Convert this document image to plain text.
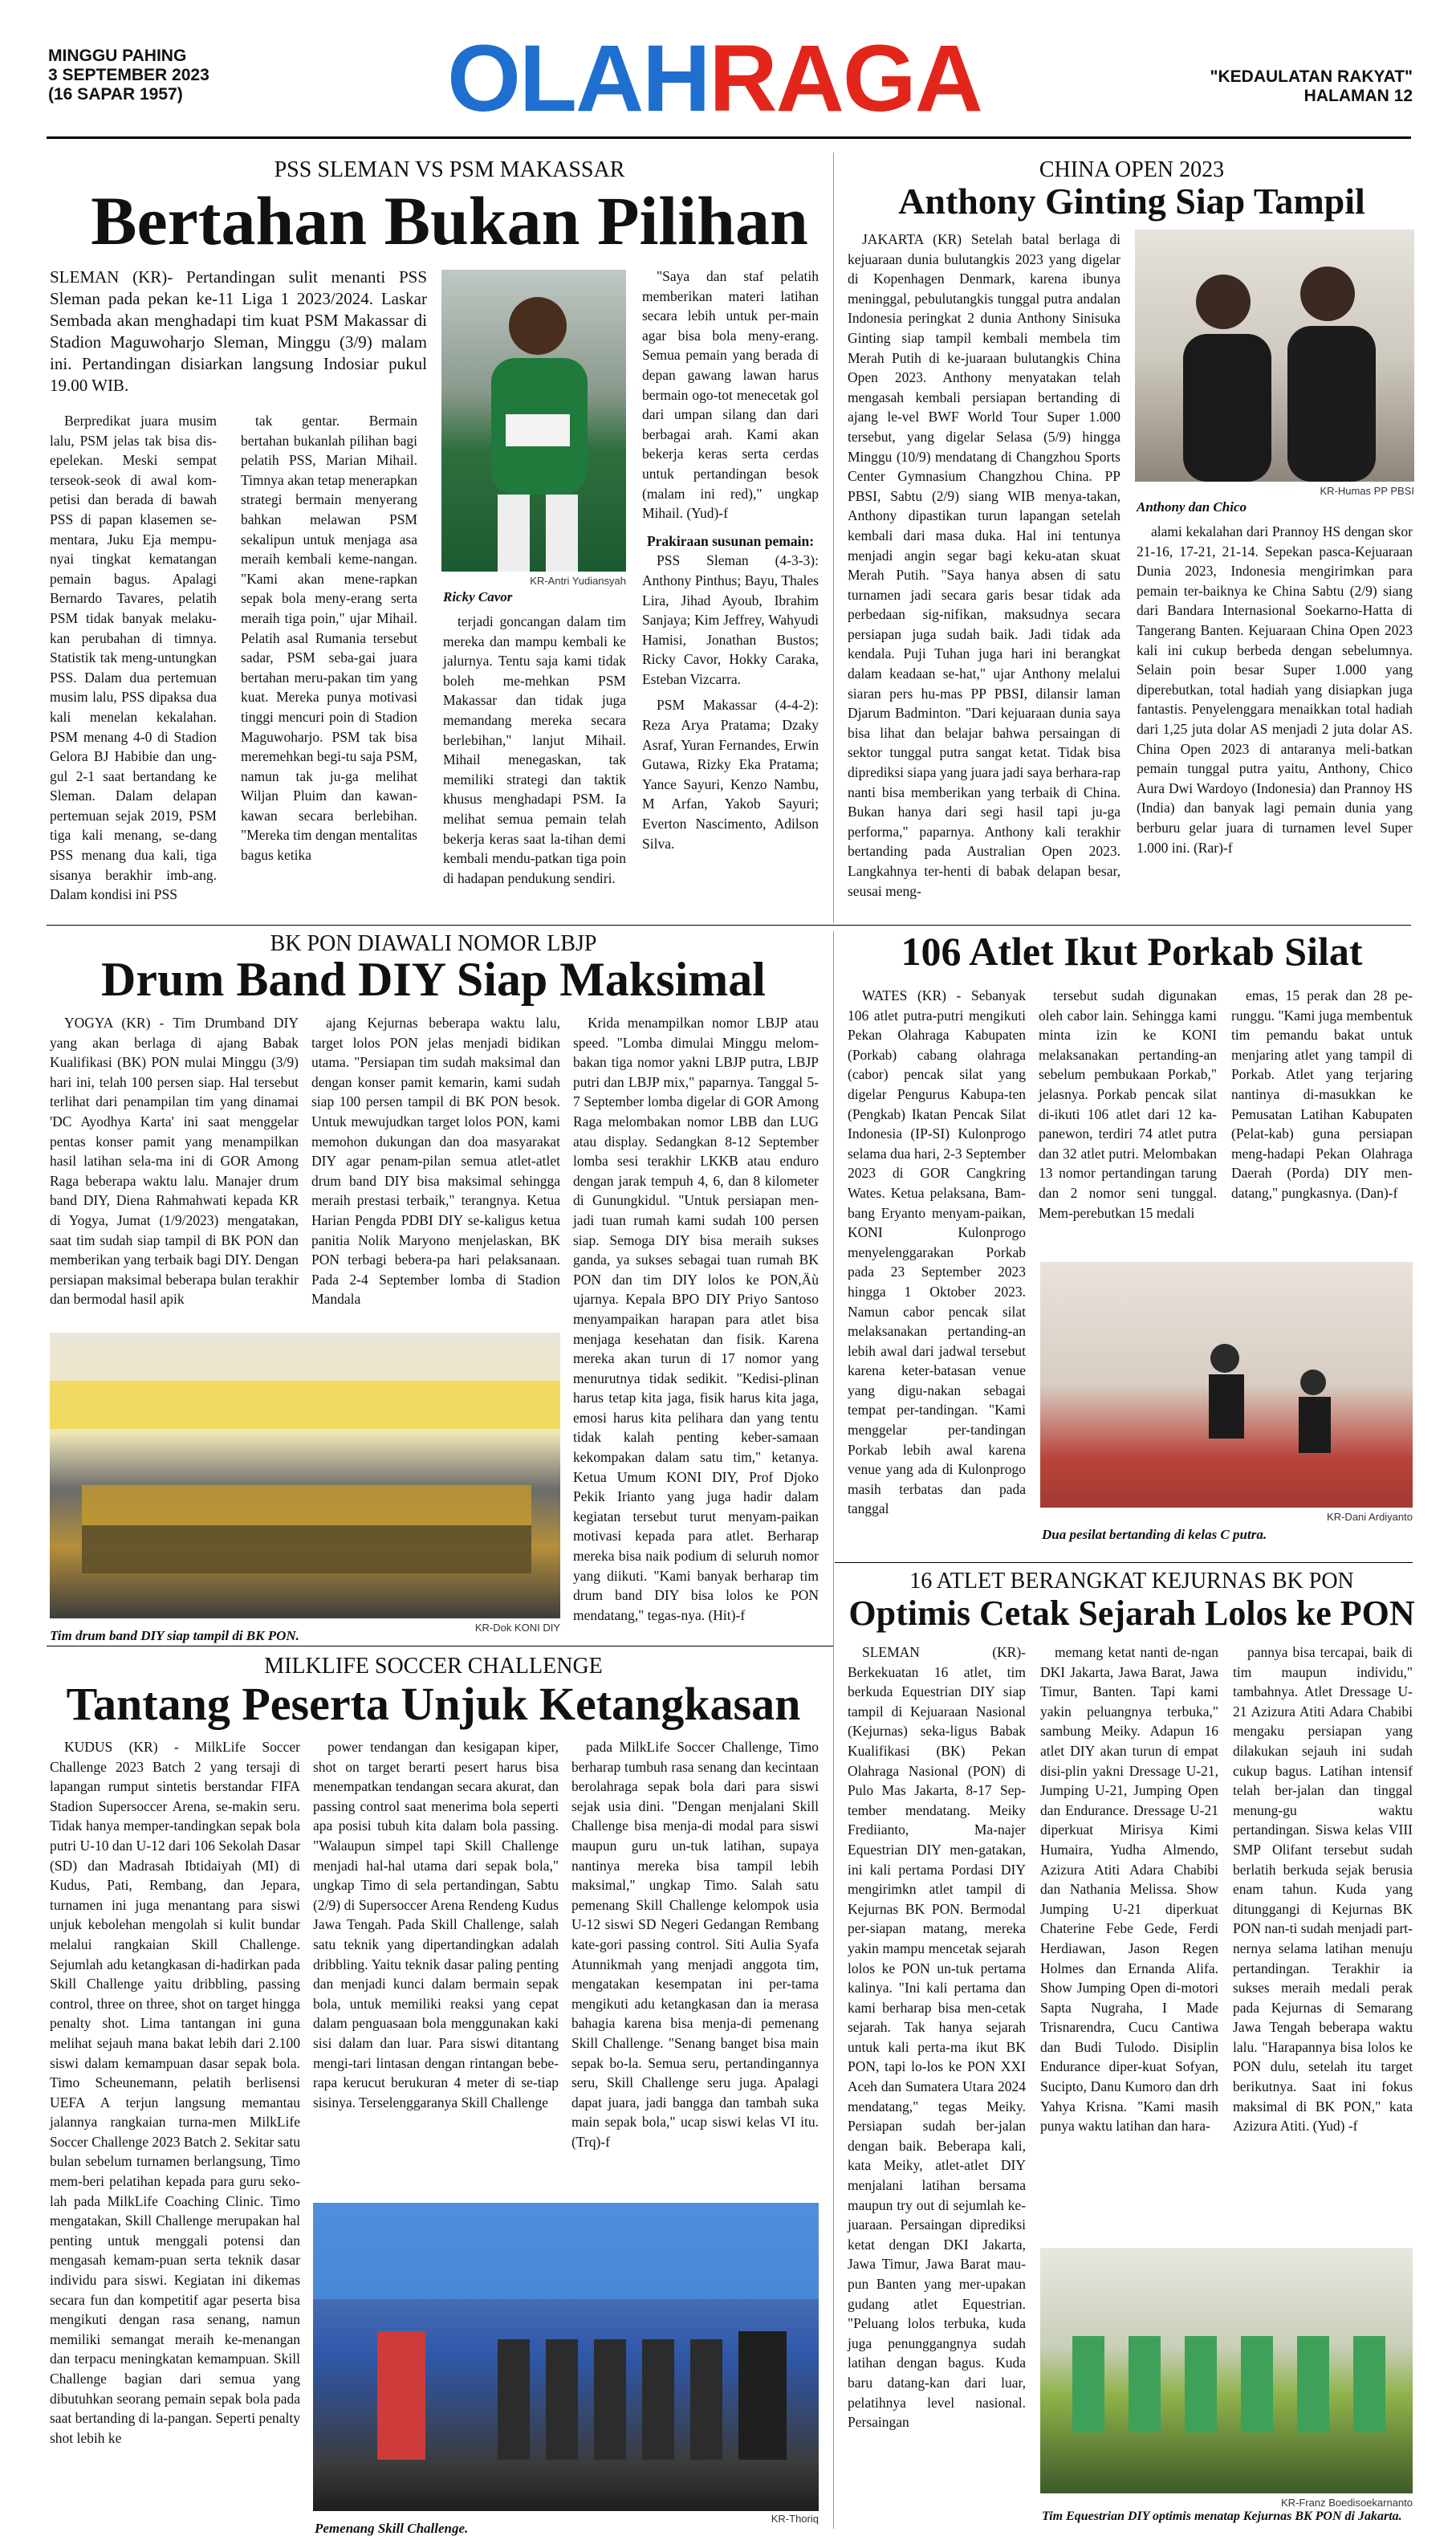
MINGGU PAHING
3 SEPTEMBER 2023
(16 SAPAR 1957)	OLAHRAGA	"KEDAULATAN RAKYAT"
HALAMAN 12
PSS SLEMAN VS PSM MAKASSAR
Bertahan Bukan Pilihan

SLEMAN (KR)- Pertandingan sulit menanti PSS Sleman pada pekan ke-11 Liga 1 2023/2024. Laskar Sembada akan menghadapi tim kuat PSM Makassar di Stadion Maguwoharjo Sleman, Minggu (3/9) malam ini. Pertandingan disiarkan langsung Indosiar pukul 19.00 WIB.

Berpredikat juara musim lalu, PSM jelas tak bisa dis-epelekan. Meski sempat terseok-seok di awal kom-petisi dan berada di bawah PSS di papan klasemen se-mentara, Juku Eja mempu-nyai tingkat kematangan pemain bagus. Apalagi Bernardo Tavares, pelatih PSM tidak banyak melaku-kan perubahan di timnya. Statistik tak meng-untungkan PSS. Dalam dua pertemuan musim lalu, PSS dipaksa dua kali menelan kekalahan. PSM menang 4-0 di Stadion Gelora BJ Habibie dan ung-gul 2-1 saat bertandang ke Sleman. Dalam delapan pertemuan sejak 2019, PSM tiga kali menang, se-dang PSS menang dua kali, tiga sisanya berakhir imb-ang. Dalam kondisi ini PSS

tak gentar. Bermain bertahan bukanlah pilihan bagi pelatih PSS, Marian Mihail. Timnya akan tetap menerapkan strategi bermain menyerang bahkan melawan PSM sekalipun untuk menjaga asa meraih kembali keme-nangan. "Kami akan mene-rapkan sepak bola meny-erang serta meraih tiga poin," ujar Mihail. Pelatih asal Rumania tersebut sadar, PSM seba-gai juara bertahan meru-pakan tim yang kuat. Mereka punya motivasi tinggi mencuri poin di Stadion Maguwoharjo. PSM tak bisa meremehkan begi-tu saja PSM, namun tak ju-ga melihat Wiljan Pluim dan kawan-kawan secara berlebihan. "Mereka tim dengan mentalitas bagus ketika

KR-Antri Yudiansyah
Ricky Cavor

terjadi goncangan dalam tim mereka dan mampu kembali ke jalurnya. Tentu saja kami tidak boleh me-mehkan PSM Makassar dan tidak juga memandang mereka secara berlebihan," lanjut Mihail. Mihail menegaskan, tak memiliki strategi dan taktik khusus menghadapi PSM. Ia melihat semua pemain telah bekerja keras saat la-tihan demi kembali mendu-patkan tiga poin di hadapan pendukung sendiri.

"Saya dan staf pelatih memberikan materi latihan secara lebih untuk per-main agar bisa bola meny-erang. Semua pemain yang berada di depan gawang lawan harus bermain ogo-tot menecetak gol dari umpan silang dan dari berbagai arah. Kami akan bekerja keras serta cerdas untuk pertandingan besok (malam ini red)," ungkap Mihail. (Yud)-f

Prakiraan susunan pemain:

PSS Sleman (4-3-3): Anthony Pinthus; Bayu, Thales Lira, Jihad Ayoub, Ibrahim Sanjaya; Kim Jeffrey, Wahyudi Hamisi, Jonathan Bustos; Ricky Cavor, Hokky Caraka, Esteban Vizcarra.

PSM Makassar (4-4-2): Reza Arya Pratama; Dzaky Asraf, Yuran Fernandes, Erwin Gutawa, Rizky Eka Pratama; Yance Sayuri, Kenzo Nambu, M Arfan, Yakob Sayuri; Everton Nascimento, Adilson Silva.

CHINA OPEN 2023
Anthony Ginting Siap Tampil

JAKARTA (KR) Setelah batal berlaga di kejuaraan dunia bulutangkis 2023 yang digelar di Kopenhagen Denmark, karena ibunya meninggal, pebulutangkis tunggal putra andalan Indonesia peringkat 2 dunia Anthony Sinisuka Ginting siap tampil kembali membela tim Merah Putih di ke-juaraan bulutangkis China Open 2023. Anthony menyatakan telah mengasah kembali persiapan bertanding di ajang le-vel BWF World Tour Super 1.000 tersebut, yang digelar Selasa (5/9) hingga Minggu (10/9) mendatang di Changzhou Sports Center Gymnasium Changzhou China. PP PBSI, Sabtu (2/9) siang WIB menya-takan, Anthony dipastikan turun lapangan setelah kembali dari masa duka. Hal ini tentunya menjadi angin segar bagi keku-atan skuat Merah Putih. "Saya hanya absen di satu turnamen jadi secara garis besar tidak ada perbedaan sig-nifikan, maksudnya secara persiapan juga sudah baik. Jadi tidak ada kendala. Puji Tuhan juga hari ini berangkat dalam keadaan se-hat," ujar Anthony melalui siaran pers hu-mas PP PBSI, dilansir laman Djarum Badminton. "Dari kejuaraan dunia saya bisa lihat dan belajar bahwa persaingan di sektor tunggal putra sangat ketat. Tidak bisa diprediksi siapa yang juara jadi saya berhara-rap nanti bisa memberikan yang terbaik di China. Bukan hanya dari segi hasil tapi ju-ga performa," paparnya. Anthony kali terakhir bertanding pada Australian Open 2023. Langkahnya ter-henti di babak delapan besar, seusai meng-

KR-Humas PP PBSI
Anthony dan Chico

alami kekalahan dari Prannoy HS dengan skor 21-16, 17-21, 21-14. Sepekan pasca-Kejuaraan Dunia 2023, Indonesia mengirimkan para pemain ter-baiknya ke China Sabtu (2/9) siang dari Bandara Internasional Soekarno-Hatta di Tangerang Banten. Kejuaraan China Open 2023 kali ini cukup berbeda dengan sebelumnya. Selain poin besar Super 1.000 yang diperebutkan, total hadiah yang disiapkan juga fantastis. Penyelenggara menaikkan total hadiah dari 1,25 juta dolar AS menjadi 2 juta dolar AS. China Open 2023 di antaranya meli-batkan pemain tunggal putra yaitu, Anthony, Chico Aura Dwi Wardoyo (Indonesia) dan Prannoy HS (India) dan banyak lagi pemain dunia yang berburu gelar juara di turnamen level Super 1.000 ini. (Rar)-f

BK PON DIAWALI NOMOR LBJP
Drum Band DIY Siap Maksimal

YOGYA (KR) - Tim Drumband DIY yang akan berlaga di ajang Babak Kualifikasi (BK) PON mulai Minggu (3/9) hari ini, telah 100 persen siap. Hal tersebut terlihat dari penampilan tim yang dinamai 'DC Ayodhya Karta' ini saat menggelar pentas konser pamit yang menampilkan hasil latihan sela-ma ini di GOR Among Raga beberapa waktu lalu. Manajer drum band DIY, Diena Rahmahwati kepada KR di Yogya, Jumat (1/9/2023) mengatakan, saat tim sudah siap tampil di BK PON dan memberikan yang terbaik bagi DIY. Dengan persiapan maksimal beberapa bulan terakhir dan bermodal hasil apik

ajang Kejurnas beberapa waktu lalu, target lolos PON jelas menjadi bidikan utama. "Persiapan tim sudah maksimal dan dengan konser pamit kemarin, kami sudah siap 100 persen tampil di BK PON besok. Untuk mewujudkan target lolos PON, kami memohon dukungan dan doa masyarakat DIY agar penam-pilan semua atlet-atlet drum band DIY bisa maksimal sehingga meraih prestasi terbaik," terangnya. Ketua Harian Pengda PDBI DIY se-kaligus ketua panitia Nolik Maryono menjelaskan, BK PON terbagi bebera-pa hari pelaksanaan. Pada 2-4 September lomba di Stadion Mandala

Krida menampilkan nomor LBJP atau speed. "Lomba dimulai Minggu melom-bakan tiga nomor yakni LBJP putra, LBJP putri dan LBJP mix," paparnya. Tanggal 5-7 September lomba digelar di GOR Among Raga melombakan nomor LBB dan LUG atau display. Sedangkan 8-12 September lomba sesi terakhir LKKB atau enduro dengan jarak tempuh 4, 6, dan 8 kilometer di Gunungkidul. "Untuk persiapan men-jadi tuan rumah kami sudah 100 persen siap. Semoga DIY bisa meraih sukses ganda, ya sukses sebagai tuan rumah BK PON dan tim DIY lolos ke PON,Äù ujarnya. Kepala BPO DIY Priyo Santoso menyampaikan harapan para atlet bisa menjaga kesehatan dan fisik. Karena mereka akan turun di 17 nomor yang menurutnya tidak sedikit. "Kedisi-plinan harus tetap kita jaga, fisik harus kita jaga, emosi harus kita pelihara dan yang tentu tidak kalah penting keber-samaan kekompakan dalam satu tim," ketanya. Ketua Umum KONI DIY, Prof Djoko Pekik Irianto yang juga hadir dalam kegiatan tersebut turut menyam-paikan motivasi kepada para atlet. Berharap mereka bisa naik podium di seluruh nomor yang diikuti. "Kami banyak berharap tim drum band DIY bisa lolos ke PON mendatang," tegas-nya. (Hit)-f

KR-Dok KONI DIY
Tim drum band DIY siap tampil di BK PON.
106 Atlet Ikut Porkab Silat

WATES (KR) - Sebanyak 106 atlet putra-putri mengikuti Pekan Olahraga Kabupaten (Porkab) cabang olahraga (cabor) pencak silat yang digelar Pengurus Kabupa-ten (Pengkab) Ikatan Pencak Silat Indonesia (IP-SI) Kulonprogo selama dua hari, 2-3 September 2023 di GOR Cangkring Wates. Ketua pelaksana, Bam-bang Eryanto menyam-paikan, KONI Kulonprogo menyelenggarakan Porkab pada 23 September 2023 hingga 1 Oktober 2023. Namun cabor pencak silat melaksanakan pertanding-an lebih awal dari jadwal tersebut karena keter-batasan venue yang digu-nakan sebagai tempat per-tandingan. "Kami menggelar per-tandingan Porkab lebih awal karena venue yang ada di Kulonprogo masih terbatas dan pada tanggal

tersebut sudah digunakan oleh cabor lain. Sehingga kami minta izin ke KONI melaksanakan pertanding-an sebelum pembukaan Porkab," jelasnya. Porkab pencak silat di-ikuti 106 atlet dari 12 ka-panewon, terdiri 74 atlet putra dan 32 atlet putri. Melombakan 13 nomor pertandingan tarung dan 2 nomor seni tunggal. Mem-perebutkan 15 medali

emas, 15 perak dan 28 pe-runggu. "Kami juga membentuk tim pemandu bakat untuk menjaring atlet yang tampil di Porkab. Atlet yang terjaring nantinya di-masukkan ke Pemusatan Latihan Kabupaten (Pelat-kab) guna persiapan meng-hadapi Pekan Olahraga Daerah (Porda) DIY men-datang," pungkasnya. (Dan)-f

KR-Dani Ardiyanto
Dua pesilat bertanding di kelas C putra.
16 ATLET BERANGKAT KEJURNAS BK PON
Optimis Cetak Sejarah Lolos ke PON

SLEMAN (KR)- Berkekuatan 16 atlet, tim berkuda Equestrian DIY siap tampil di Kejuaraan Nasional (Kejurnas) seka-ligus Babak Kualifikasi (BK) Pekan Olahraga Nasional (PON) di Pulo Mas Jakarta, 8-17 Sep-tember mendatang. Meiky Frediianto, Ma-najer Equestrian DIY men-gatakan, ini kali pertama Pordasi DIY mengirimkn atlet tampil di Kejurnas BK PON. Bermodal per-siapan matang, mereka yakin mampu mencetak sejarah lolos ke PON un-tuk pertama kalinya. "Ini kali pertama dan kami berharap bisa men-cetak sejarah. Tak hanya sejarah untuk kali perta-ma ikut BK PON, tapi lo-los ke PON XXI Aceh dan Sumatera Utara 2024 mendatang," tegas Meiky. Persiapan sudah ber-jalan dengan baik. Beberapa kali, kata Meiky, atlet-atlet DIY menjalani latihan bersama maupun try out di sejumlah ke-juaraan. Persaingan diprediksi ketat dengan DKI Jakarta, Jawa Timur, Jawa Barat mau-pun Banten yang mer-upakan gudang atlet Equestrian. "Peluang lolos terbuka, kuda juga penunggangnya sudah latihan dengan bagus. Kuda baru datang-kan dari luar, pelatihnya level nasional. Persaingan

memang ketat nanti de-ngan DKI Jakarta, Jawa Barat, Jawa Timur, Banten. Tapi kami yakin peluangnya terbuka," sambung Meiky. Adapun 16 atlet DIY akan turun di empat disi-plin yakni Dressage U-21, Jumping U-21, Jumping Open dan Endurance. Dressage U-21 diperkuat Mirisya Kimi Humaira, Yudha Almendo, Azizura Atiti Adara Chabibi dan Nathania Melissa. Show Jumping U-21 diperkuat Chaterine Febe Gede, Ferdi Herdiawan, Jason Regen Holmes dan Ernanda Alifa. Show Jumping Open di-motori Sapta Nugraha, I Made Trisnarendra, Cucu Cantiwa dan Budi Tulodo. Disiplin Endurance diper-kuat Sofyan, Sucipto, Danu Kumoro dan drh Yahya Krisna. "Kami masih punya waktu latihan dan hara-

pannya bisa tercapai, baik di tim maupun individu," tambahnya. Atlet Dressage U-21 Azizura Atiti Adara Chabibi mengaku persiapan yang dilakukan sejauh ini sudah cukup bagus. Latihan intensif telah ber-jalan dan tinggal menung-gu waktu pertandingan. Siswa kelas VIII SMP Olifant tersebut sudah berlatih berkuda sejak berusia enam tahun. Kuda yang ditunggangi di Kejurnas BK PON nan-ti sudah menjadi part-nernya selama latihan menuju pertandingan. Terakhir ia sukses meraih medali perak pada Kejurnas di Semarang Jawa Tengah beberapa waktu lalu. "Harapannya bisa lolos ke PON dulu, setelah itu target berikutnya. Saat ini fokus maksimal di BK PON," kata Azizura Atiti. (Yud) -f

KR-Franz Boedisoekarnanto
Tim Equestrian DIY optimis menatap Kejurnas BK PON di Jakarta.
MILKLIFE SOCCER CHALLENGE
Tantang Peserta Unjuk Ketangkasan

KUDUS (KR) - MilkLife Soccer Challenge 2023 Batch 2 yang tersaji di lapangan rumput sintetis berstandar FIFA Stadion Supersoccer Arena, se-makin seru. Tidak hanya memper-tandingkan sepak bola putri U-10 dan U-12 dari 106 Sekolah Dasar (SD) dan Madrasah Ibtidaiyah (MI) di Kudus, Pati, Rembang, dan Jepara, turnamen ini juga menantang para siswi unjuk kebolehan mengolah si kulit bundar melalui rangkaian Skill Challenge. Sejumlah adu ketangkasan di-hadirkan pada Skill Challenge yaitu dribbling, passing control, three on three, shot on target hingga penalty shot. Lima tantangan ini guna melihat sejauh mana bakat lebih dari 2.100 siswi dalam kemampuan dasar sepak bola. Timo Scheunemann, pelatih berlisensi UEFA A terjun langsung memantau jalannya rangkaian turna-men MilkLife Soccer Challenge 2023 Batch 2. Sekitar satu bulan sebelum turnamen berlangsung, Timo mem-beri pelatihan kepada para guru seko-lah pada MilkLife Coaching Clinic. Timo mengatakan, Skill Challenge merupakan hal penting untuk menggali potensi dan mengasah kemam-puan serta teknik dasar individu para siswi. Kegiatan ini dikemas secara fun dan kompetitif agar peserta bisa mengikuti dengan rasa senang, namun memiliki semangat meraih ke-menangan dan terpacu meningkatan kemampuan. Skill Challenge bagian dari semua yang dibutuhkan seorang pemain sepak bola pada saat bertanding di la-pangan. Seperti penalty shot lebih ke

power tendangan dan kesigapan kiper, shot on target berarti pesert harus bisa menempatkan tendangan secara akurat, dan passing control saat menerima bola seperti apa posisi tubuh kita dalam bola passing. "Walaupun simpel tapi Skill Challenge menjadi hal-hal utama dari sepak bola," ungkap Timo di sela pertandingan, Sabtu (2/9) di Supersoccer Arena Rendeng Kudus Jawa Tengah. Pada Skill Challenge, salah satu teknik yang dipertandingkan adalah dribbling. Yaitu teknik dasar paling penting dan menjadi kunci dalam bermain sepak bola, untuk memiliki reaksi yang cepat dalam penguasaan bola menggunakan kaki sisi dalam dan luar. Para siswi ditantang mengi-tari lintasan dengan rintangan bebe-rapa kerucut berukuran 4 meter di se-tiap sisinya. Terselenggaranya Skill Challenge

pada MilkLife Soccer Challenge, Timo berharap tumbuh rasa senang dan kecintaan berolahraga sepak bola dari para siswi sejak usia dini. "Dengan menjalani Skill Challenge bisa menja-di modal para siswi maupun guru un-tuk latihan, supaya nantinya mereka bisa tampil lebih maksimal," ungkap Timo. Salah satu pemenang Skill Challenge kelompok usia U-12 siswi SD Negeri Gedangan Rembang kate-gori passing control. Siti Aulia Syafa Atunnikmah yang menjadi anggota tim, mengatakan kesempatan ini per-tama mengikuti adu ketangkasan dan ia merasa bahagia karena bisa menja-di pemenang Skill Challenge. "Senang banget bisa main sepak bo-la. Semua seru, pertandingannya seru, Skill Challenge seru juga. Apalagi dapat juara, jadi bangga dan tambah suka main sepak bola," ucap siswi kelas VI itu. (Trq)-f

KR-Thoriq
Pemenang Skill Challenge.
